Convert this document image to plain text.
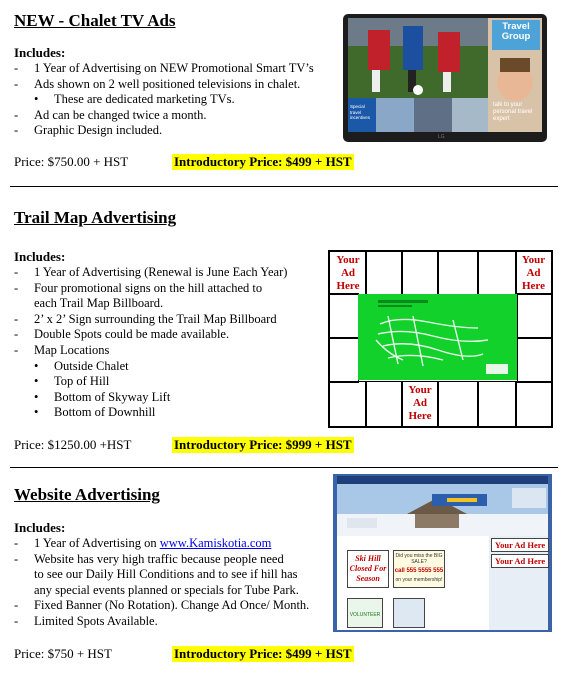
NEW - Chalet TV Ads
Includes:
- 1 Year of Advertising on NEW Promotional Smart TV’s
- Ads shown on 2 well positioned televisions in chalet.
• These are dedicated marketing TVs.
- Ad can be changed twice a month.
- Graphic Design included.
Price: $750.00 + HST	Introductory Price: $499 + HST
Travel Group
talk to your personal travel expert
Special travel incentives
LG
Trail Map Advertising
Includes:
- 1 Year of Advertising (Renewal is June Each Year)
- Four promotional signs on the hill attached to
each Trail Map Billboard.
- 2’ x 2’ Sign surrounding the Trail Map Billboard
- Double Spots could be made available.
- Map Locations
• Outside Chalet
• Top of Hill
• Bottom of Skyway Lift
• Bottom of Downhill
Price: $1250.00 +HST	Introductory Price: $999 + HST
Your
Ad
Here
Your
Ad
Here
Your
Ad
Here
Website Advertising
Includes:
- 1 Year of Advertising on www.Kamiskotia.com
- Website has very high traffic because people need
to see our Daily Hill Conditions and to see if hill has
any special events planned or specials for Tube Park.
- Fixed Banner (No Rotation). Change Ad Once/ Month.
- Limited Spots Available.
Price: $750 + HST	Introductory Price: $499 + HST
Your Ad Here
Your Ad Here
Ski Hill Closed For Season
Did you miss the BIG SALE?
call 555 5555 555
on your membership!
VOLUNTEER
